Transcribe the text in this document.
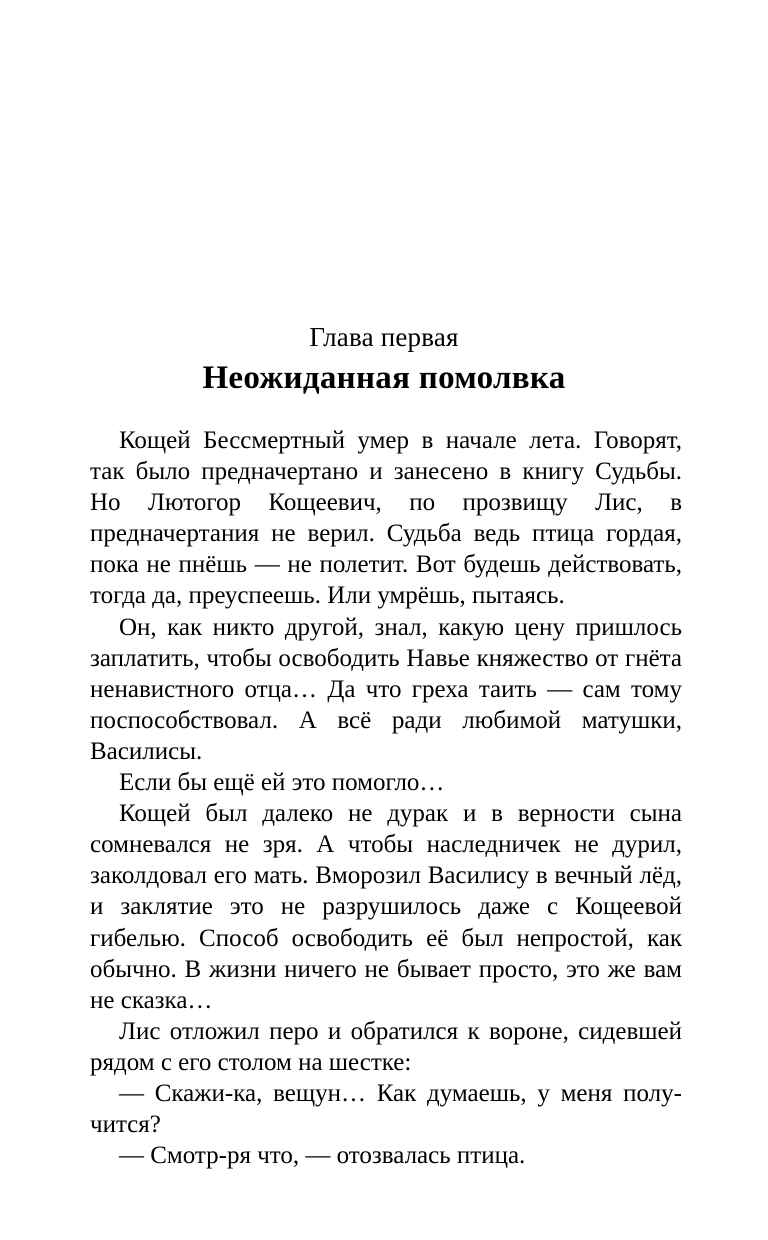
Глава первая
Неожиданная помолвка

Кощей Бессмертный умер в начале лета. Говорят, так было предначертано и занесено в книгу Судьбы. Но Лютогор Кощеевич, по прозвищу Лис, в предначертания не верил. Судьба ведь птица гордая, пока не пнёшь — не полетит. Вот будешь действовать, тогда да, преуспеешь. Или умрёшь, пытаясь.

Он, как никто другой, знал, какую цену пришлось заплатить, чтобы освободить Навье княжество от гнёта ненавистного отца… Да что греха таить — сам тому поспособствовал. А всё ради любимой матушки, Василисы.

Если бы ещё ей это помогло…

Кощей был далеко не дурак и в верности сына сомневался не зря. А чтобы наследничек не дурил, заколдовал его мать. Вморозил Василису в вечный лёд, и заклятие это не разрушилось даже с Кощеевой гибелью. Способ освободить её был непростой, как обычно. В жизни ничего не бывает просто, это же вам не сказка…

Лис отложил перо и обратился к вороне, сидевшей рядом с его столом на шестке:

— Скажи-ка, вещун… Как думаешь, у меня получится?

— Смотр-ря что, — отозвалась птица.
